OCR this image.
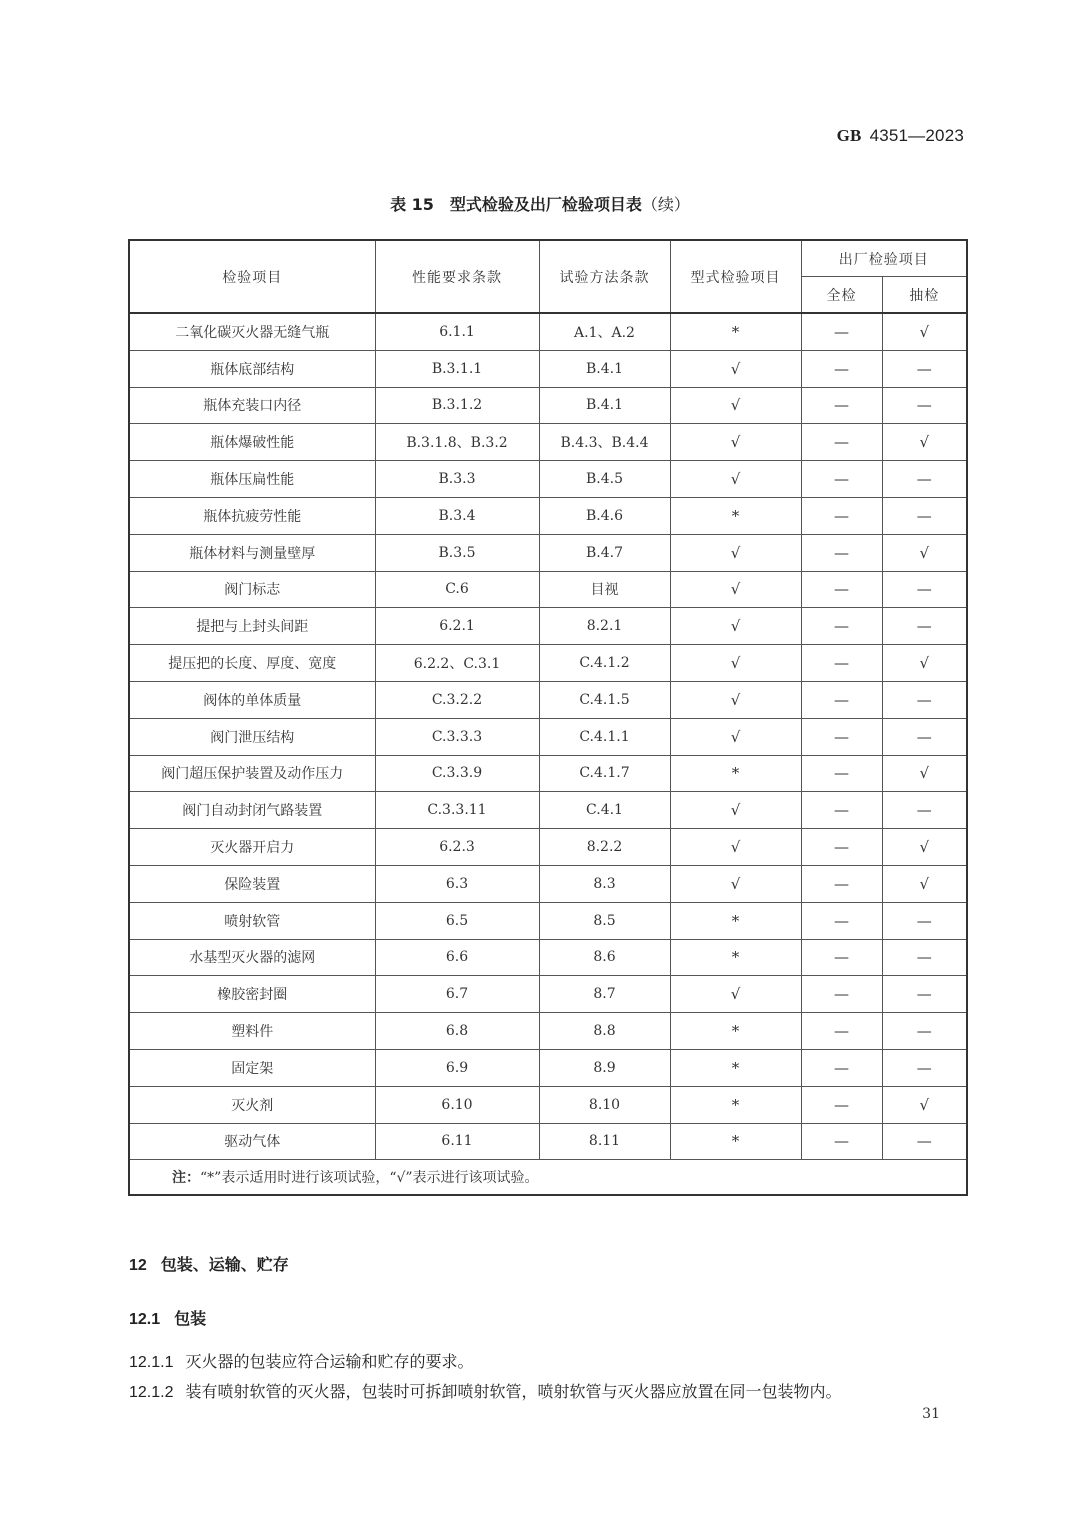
GB 4351—2023
表 15　型式检验及出厂检验项目表（续）
检验项目	性能要求条款	试验方法条款	型式检验项目	出厂检验项目	
				全检	抽检
二氧化碳灭火器无缝气瓶	6.1.1	A.1、A.2	*	—	√
瓶体底部结构	B.3.1.1	B.4.1	√	—	—
瓶体充装口内径	B.3.1.2	B.4.1	√	—	—
瓶体爆破性能	B.3.1.8、B.3.2	B.4.3、B.4.4	√	—	√
瓶体压扁性能	B.3.3	B.4.5	√	—	—
瓶体抗疲劳性能	B.3.4	B.4.6	*	—	—
瓶体材料与测量壁厚	B.3.5	B.4.7	√	—	√
阀门标志	C.6	目视	√	—	—
提把与上封头间距	6.2.1	8.2.1	√	—	—
提压把的长度、厚度、宽度	6.2.2、C.3.1	C.4.1.2	√	—	√
阀体的单体质量	C.3.2.2	C.4.1.5	√	—	—
阀门泄压结构	C.3.3.3	C.4.1.1	√	—	—
阀门超压保护装置及动作压力	C.3.3.9	C.4.1.7	*	—	√
阀门自动封闭气路装置	C.3.3.11	C.4.1	√	—	—
灭火器开启力	6.2.3	8.2.2	√	—	√
保险装置	6.3	8.3	√	—	√
喷射软管	6.5	8.5	*	—	—
水基型灭火器的滤网	6.6	8.6	*	—	—
橡胶密封圈	6.7	8.7	√	—	—
塑料件	6.8	8.8	*	—	—
固定架	6.9	8.9	*	—	—
灭火剂	6.10	8.10	*	—	√
驱动气体	6.11	8.11	*	—	—
注：“*”表示适用时进行该项试验，“√”表示进行该项试验。					
12 包装、运输、贮存
12.1 包装
12.1.1 灭火器的包装应符合运输和贮存的要求。
12.1.2 装有喷射软管的灭火器，包装时可拆卸喷射软管，喷射软管与灭火器应放置在同一包装物内。
31
